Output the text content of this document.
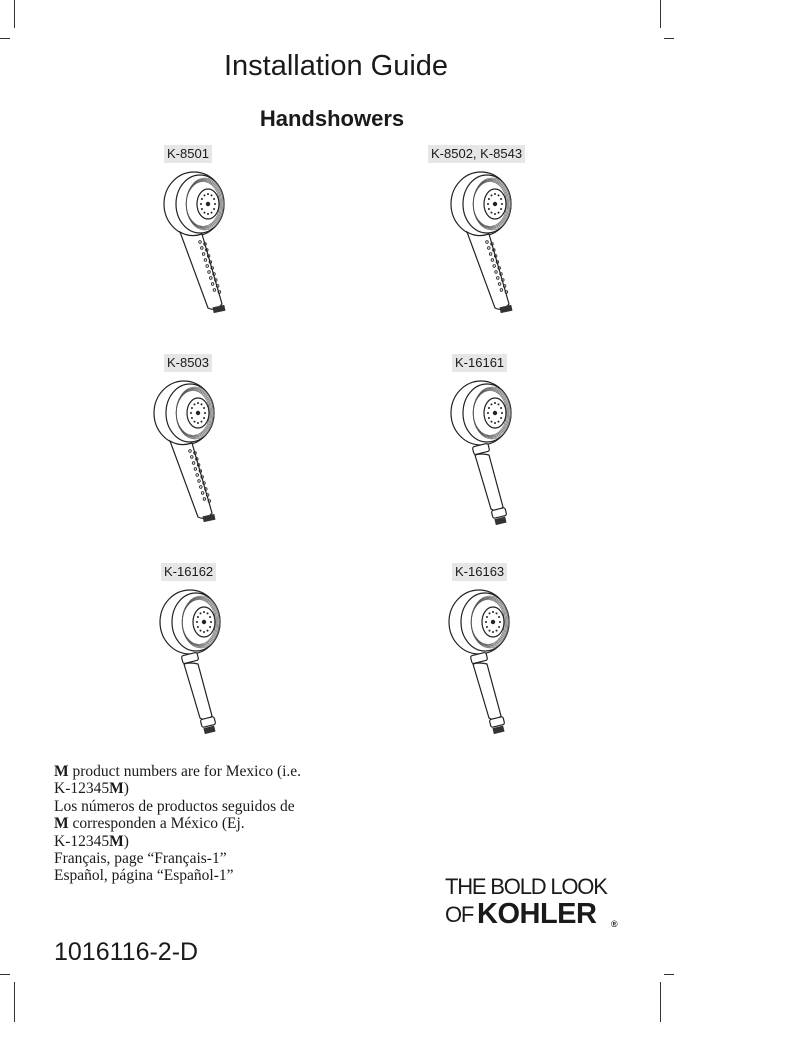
Installation Guide
Handshowers
K-8501	K-8502, K-8543
K-8503	K-16161
K-16162	K-16163
M product numbers are for Mexico (i.e.
K-12345M)
Los números de productos seguidos de
M corresponden a México (Ej.
K-12345M)
Français, page “Français-1”
Español, página “Español-1”	THE BOLD LOOK
OF KOHLER ®
1016116-2-D
